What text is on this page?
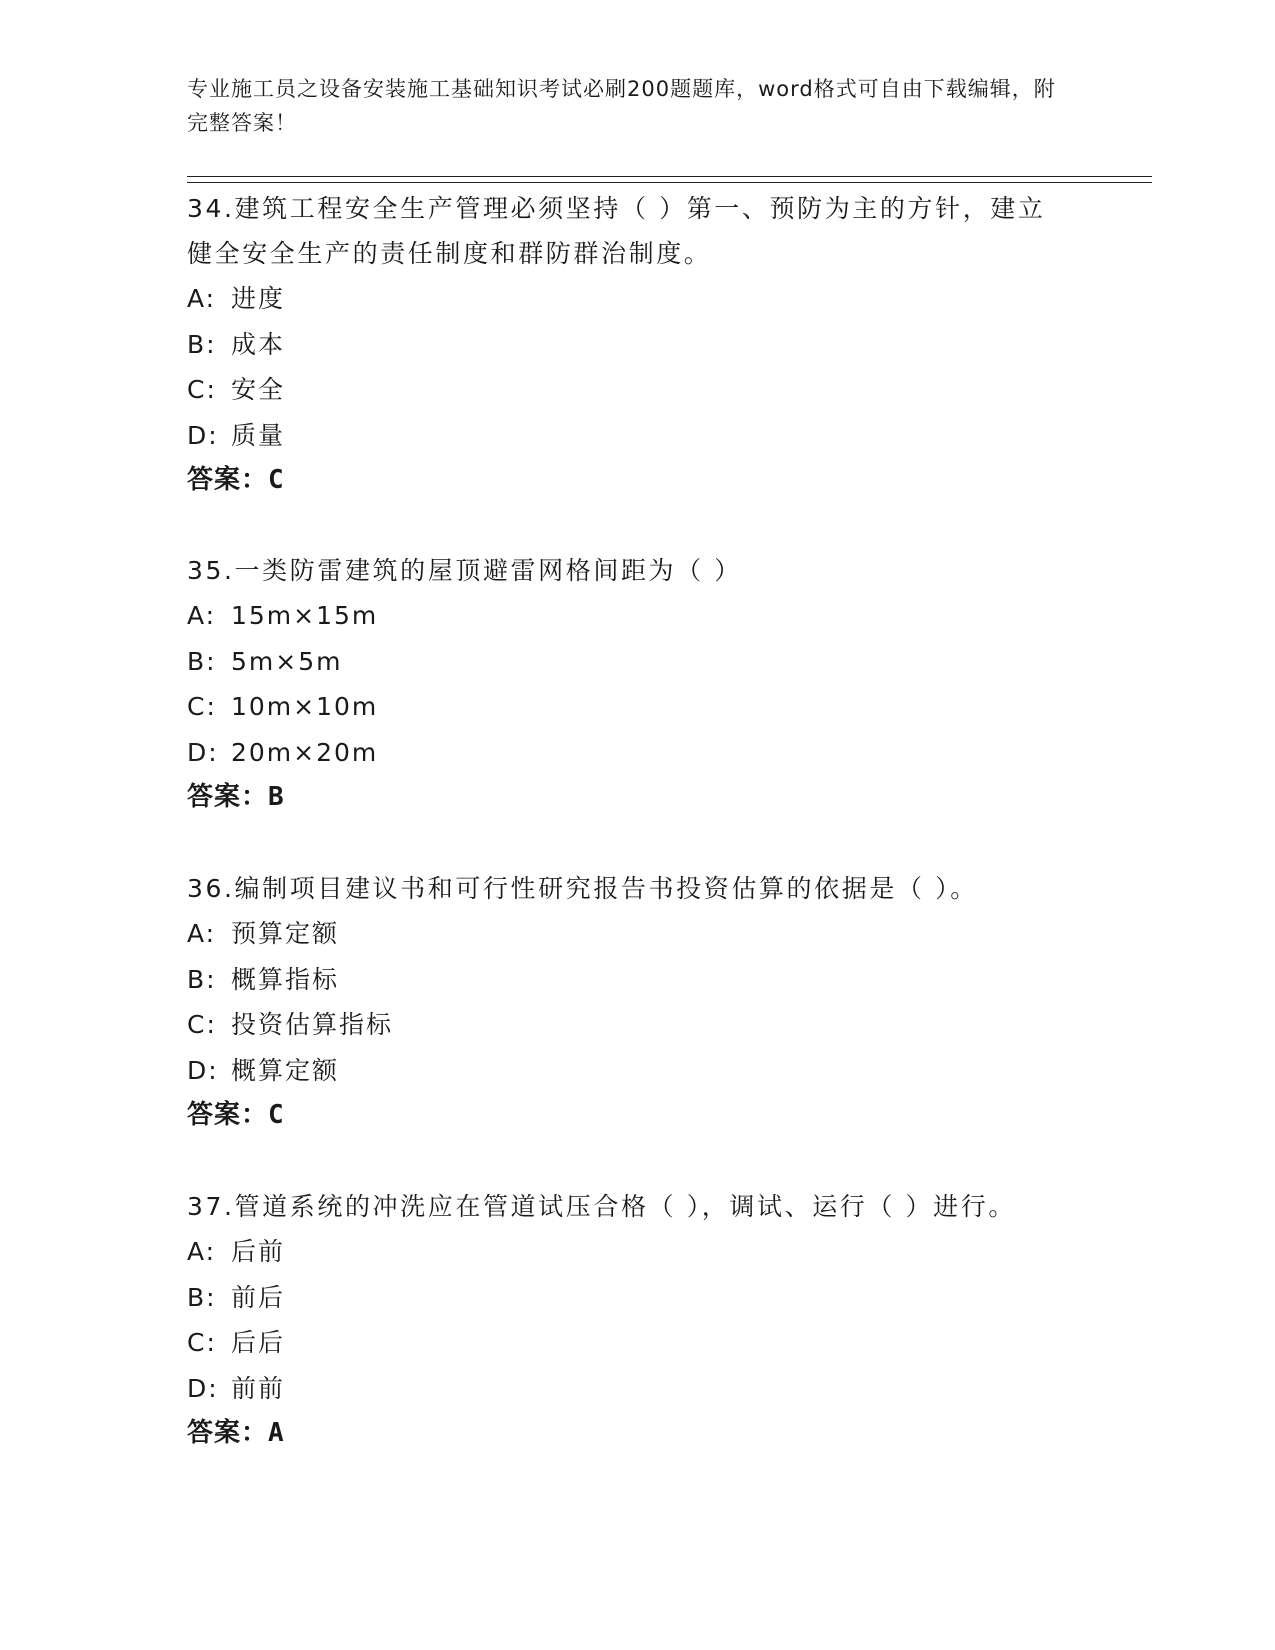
专业施工员之设备安装施工基础知识考试必刷200题题库，word格式可自由下载编辑，附完整答案！
34.建筑工程安全生产管理必须坚持（ ）第一、预防为主的方针，建立健全安全生产的责任制度和群防群治制度。
A: 进度
B: 成本
C: 安全
D: 质量
答案：C
35.一类防雷建筑的屋顶避雷网格间距为（ ）
A: 15m×15m
B: 5m×5m
C: 10m×10m
D: 20m×20m
答案：B
36.编制项目建议书和可行性研究报告书投资估算的依据是（ ）。
A: 预算定额
B: 概算指标
C: 投资估算指标
D: 概算定额
答案：C
37.管道系统的冲洗应在管道试压合格（ ），调试、运行（ ）进行。
A: 后前
B: 前后
C: 后后
D: 前前
答案：A
